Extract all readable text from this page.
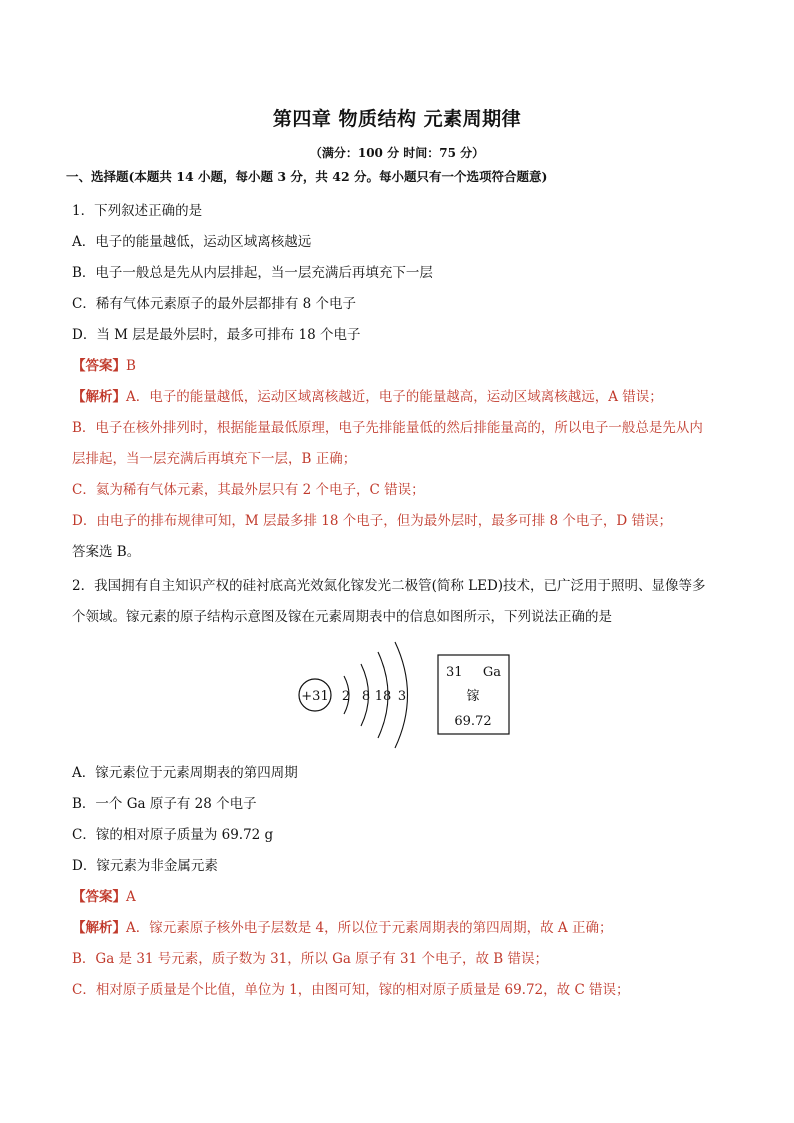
第四章 物质结构 元素周期律
（满分：100 分 时间：75 分）
一、选择题(本题共 14 小题，每小题 3 分，共 42 分。每小题只有一个选项符合题意)
1．下列叙述正确的是
A．电子的能量越低，运动区域离核越远
B．电子一般总是先从内层排起，当一层充满后再填充下一层
C．稀有气体元素原子的最外层都排有 8 个电子
D．当 M 层是最外层时，最多可排布 18 个电子
【答案】B
【解析】A．电子的能量越低，运动区域离核越近，电子的能量越高，运动区域离核越远，A 错误；
B．电子在核外排列时，根据能量最低原理，电子先排能量低的然后排能量高的，所以电子一般总是先从内
层排起，当一层充满后再填充下一层，B 正确；
C．氦为稀有气体元素，其最外层只有 2 个电子，C 错误；
D．由电子的排布规律可知，M 层最多排 18 个电子，但为最外层时，最多可排 8 个电子，D 错误；
答案选 B。
2．我国拥有自主知识产权的硅衬底高光效氮化镓发光二极管(简称 LED)技术，已广泛用于照明、显像等多
个领域。镓元素的原子结构示意图及镓在元素周期表中的信息如图所示，下列说法正确的是
+31 2 8 18 3
31 Ga
镓
69.72
A．镓元素位于元素周期表的第四周期
B．一个 Ga 原子有 28 个电子
C．镓的相对原子质量为 69.72 g
D．镓元素为非金属元素
【答案】A
【解析】A．镓元素原子核外电子层数是 4，所以位于元素周期表的第四周期，故 A 正确；
B．Ga 是 31 号元素，质子数为 31，所以 Ga 原子有 31 个电子，故 B 错误；
C．相对原子质量是个比值，单位为 1，由图可知，镓的相对原子质量是 69.72，故 C 错误；
